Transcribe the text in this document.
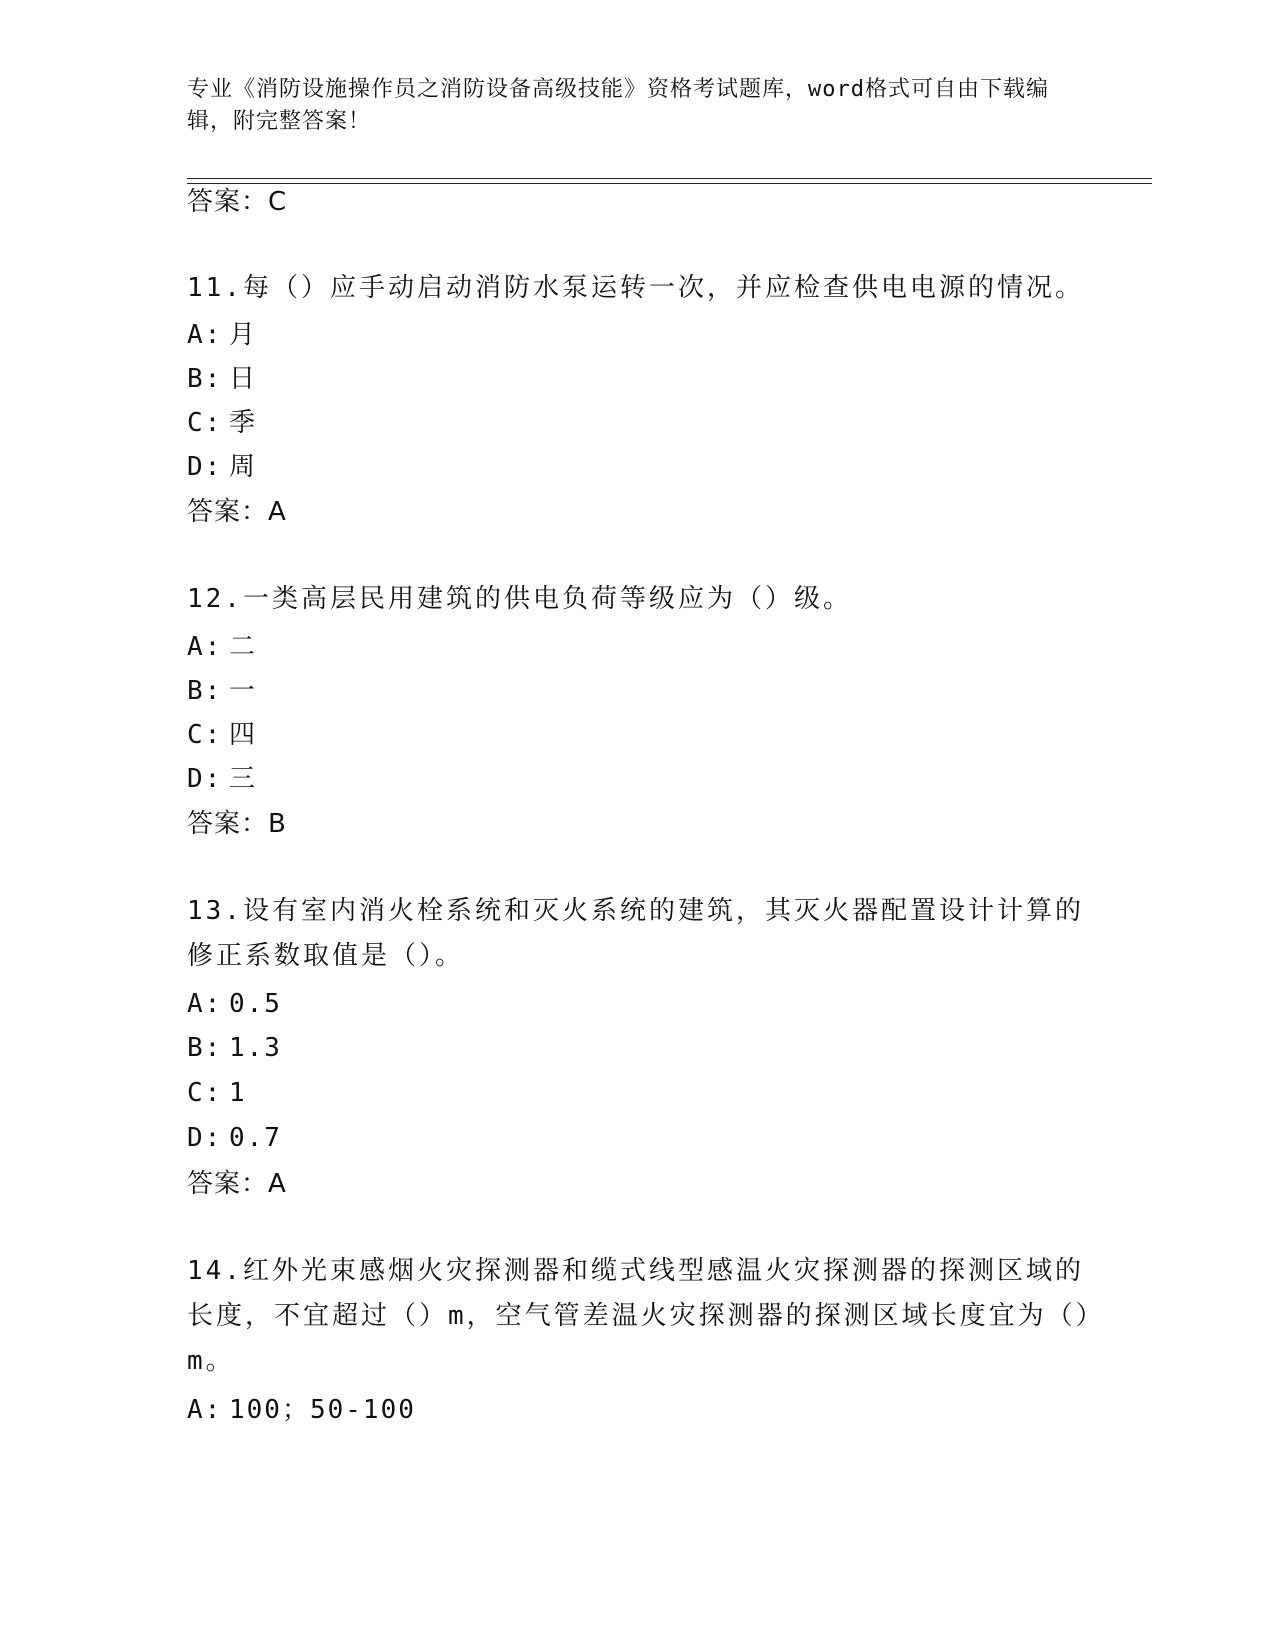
专业《消防设施操作员之消防设备高级技能》资格考试题库，word格式可自由下载编辑，附完整答案！
答案：C
11.每（）应手动启动消防水泵运转一次，并应检查供电电源的情况。
A: 月
B: 日
C: 季
D: 周
答案：A
12.一类高层民用建筑的供电负荷等级应为（）级。
A: 二
B: 一
C: 四
D: 三
答案：B
13.设有室内消火栓系统和灭火系统的建筑，其灭火器配置设计计算的修正系数取值是（）。
A: 0.5
B: 1.3
C: 1
D: 0.7
答案：A
14.红外光束感烟火灾探测器和缆式线型感温火灾探测器的探测区域的长度，不宜超过（）m，空气管差温火灾探测器的探测区域长度宜为（）m。
A: 100；50-100
